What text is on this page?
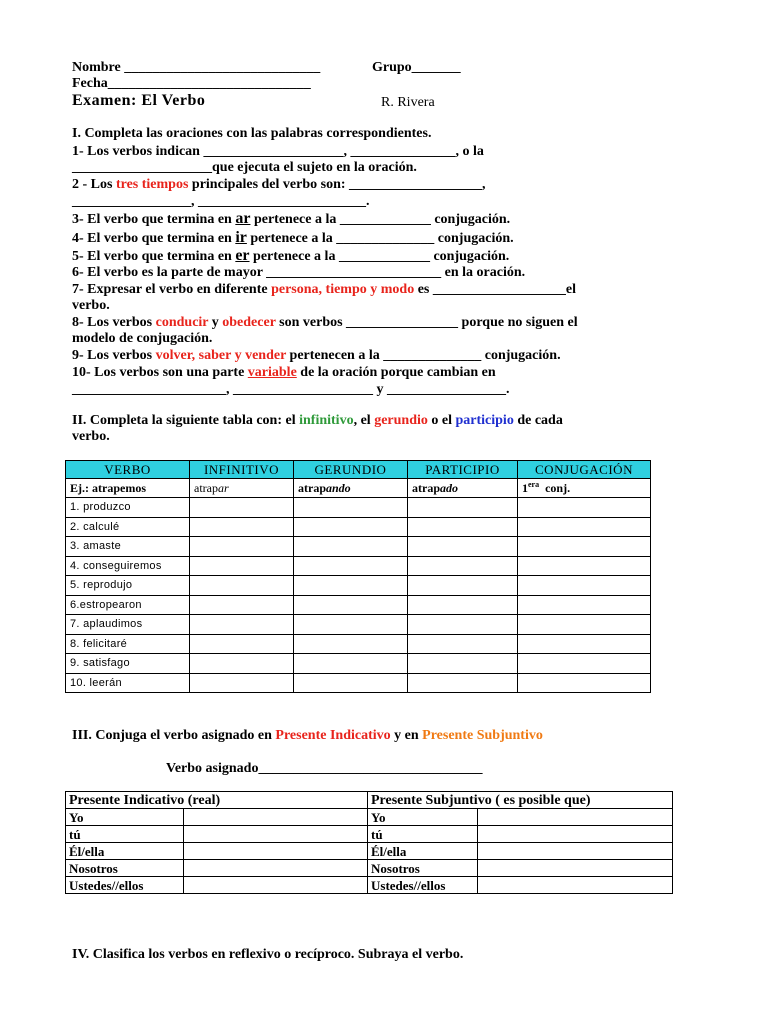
Nombre ____________________________	Grupo_______
Fecha_____________________________
Examen: El Verbo	R. Rivera
I. Completa las oraciones con las palabras correspondientes.
1- Los verbos indican ____________________, _______________, o la
____________________que ejecuta el sujeto en la oración.
2 - Los tres tiempos principales del verbo son: ___________________,
_________________, ________________________.
3- El verbo que termina en ar pertenece a la _____________ conjugación.
4- El verbo que termina en ir pertenece a la ______________ conjugación.
5- El verbo que termina en er pertenece a la _____________ conjugación.
6- El verbo es la parte de mayor _________________________ en la oración.
7- Expresar el verbo en diferente persona, tiempo y modo es ___________________el
verbo.
8- Los verbos conducir y obedecer son verbos ________________ porque no siguen el
modelo de conjugación.
9- Los verbos volver, saber y vender pertenecen a la ______________ conjugación.
10- Los verbos son una parte variable de la oración porque cambian en
______________________, ____________________ y _________________.
II. Completa la siguiente tabla con: el infinitivo, el gerundio o el participio de cada
verbo.
VERBO	INFINITIVO	GERUNDIO	PARTICIPIO	CONJUGACIÓN
Ej.: atrapemos	atrapar	atrapando	atrapado	$1^{era}$  conj.
1. produzco				
2. calculé				
3. amaste				
4. conseguiremos				
5. reprodujo				
6.estropearon				
7. aplaudimos				
8. felicitaré				
9. satisfago				
10. leerán				
III. Conjuga el verbo asignado en Presente Indicativo y en Presente Subjuntivo
Verbo asignado________________________________
Presente Indicativo (real)		Presente Subjuntivo ( es posible que)	
Yo		Yo	
tú		tú	
Él/ella		Él/ella	
Nosotros		Nosotros	
Ustedes//ellos		Ustedes//ellos	
IV. Clasifica los verbos en reflexivo o recíproco. Subraya el verbo.
